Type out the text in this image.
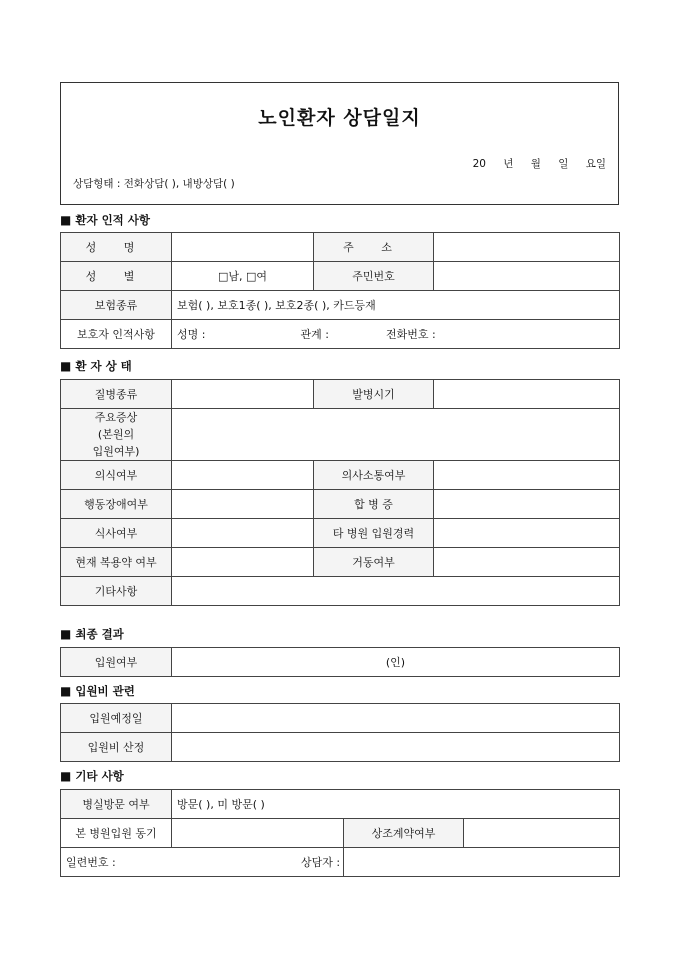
노인환자 상담일지
20 년 월 일 요일
상담형태 : 전화상담( ), 내방상담( )
■ 환자 인적 사항
성 명		주 소	
성 별	□남, □여	주민번호	
보험종류	보험( ), 보호1종( ), 보호2종( ), 카드등재		
보호자 인적사항	성명 : 관계 : 전화번호 :		
■ 환 자 상 태
질병종류		발병시기	

주요증상
(본원의
입원여부)			

의식여부		의사소통여부	
행동장애여부		합 병 증	
식사여부		타 병원 입원경력	
현재 복용약 여부		거동여부	
기타사항			
■ 최종 결과
입원여부	(인)
■ 입원비 관련
입원예정일	
입원비 산정	
■ 기타 사항
병실방문 여부	방문( ), 미 방문( )		
본 병원입원 동기		상조계약여부	
일련번호 :		상담자 :	
